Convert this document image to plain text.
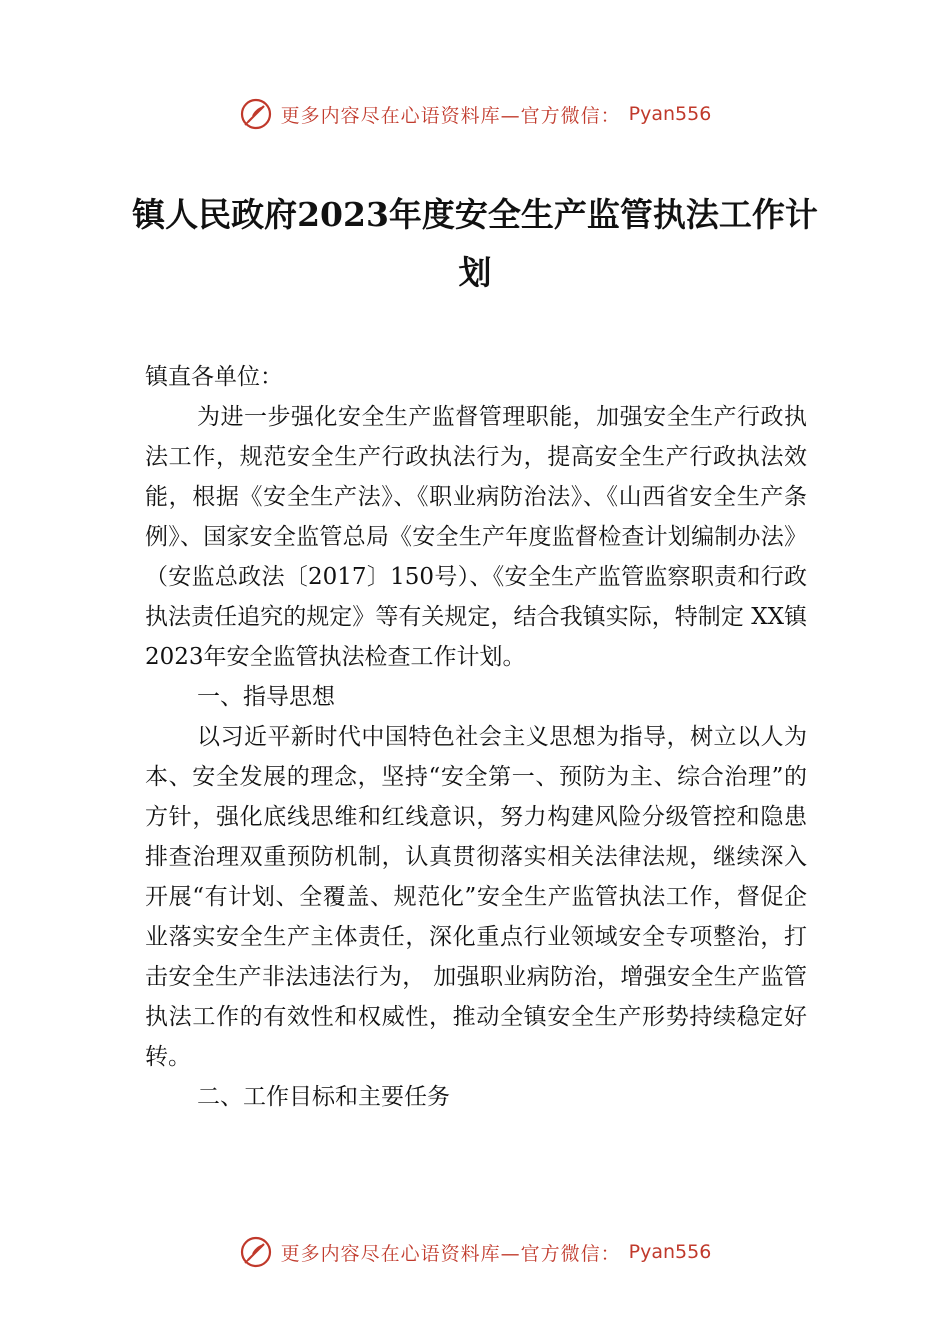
更多内容尽在心语资料库—官方微信： Pyan556
镇人民政府2023年度安全生产监管执法工作计划

镇直各单位：

为进一步强化安全生产监督管理职能，加强安全生产行政执法工作，规范安全生产行政执法行为，提高安全生产行政执法效能，根据《安全生产法》、《职业病防治法》、《山西省安全生产条例》、国家安全监管总局《安全生产年度监督检查计划编制办法》（安监总政法〔2017〕150号）、《安全生产监管监察职责和行政执法责任追究的规定》等有关规定，结合我镇实际，特制定 XX镇 2023年安全监管执法检查工作计划。

一、指导思想

以习近平新时代中国特色社会主义思想为指导，树立以人为本、安全发展的理念，坚持“安全第一、预防为主、综合治理”的方针，强化底线思维和红线意识，努力构建风险分级管控和隐患排查治理双重预防机制，认真贯彻落实相关法律法规，继续深入开展“有计划、全覆盖、规范化”安全生产监管执法工作，督促企业落实安全生产主体责任，深化重点行业领域安全专项整治，打击安全生产非法违法行为， 加强职业病防治，增强安全生产监管执法工作的有效性和权威性，推动全镇安全生产形势持续稳定好转。

二、工作目标和主要任务

更多内容尽在心语资料库—官方微信： Pyan556
